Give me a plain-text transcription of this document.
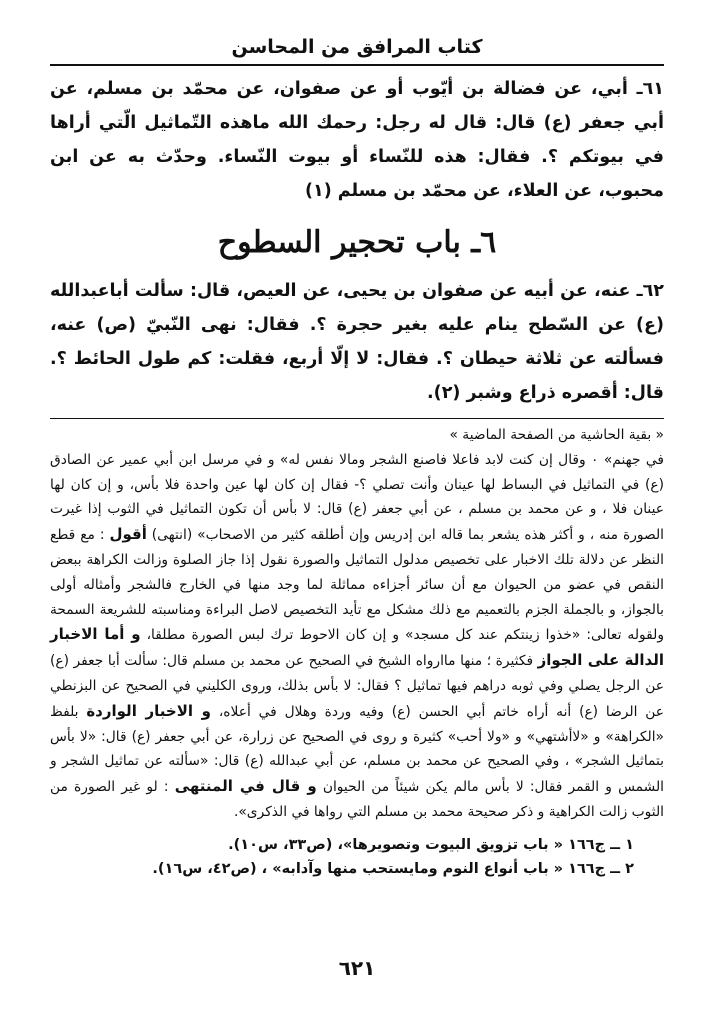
كتاب المرافق من المحاسن

٦١ـ أبي، عن فضالة بن أيّوب أو عن صفوان، عن محمّد بن مسلم، عن أبي جعفر (ع) قال: قال له رجل: رحمك الله ماهذه التّماثيل الّتي أراها في بيوتكم ؟. فقال: هذه للنّساء أو بيوت النّساء. وحدّث به عن ابن محبوب، عن العلاء، عن محمّد بن مسلم (١)

٦ـ باب تحجير السطوح

٦٢ـ عنه، عن أبيه عن صفوان بن يحيى، عن العيص، قال: سألت أباعبدالله (ع) عن السّطح ينام عليه بغير حجرة ؟. فقال: نهى النّبيّ (ص) عنه، فسألته عن ثلاثة حيطان ؟. فقال: لا إلّا أربع، فقلت: كم طول الحائط ؟. قال: أقصره ذراع وشبر (٢).

« بقية الحاشية من الصفحة الماضية »
في جهنم» ٠ وقال إن كنت لابد فاعلا فاصنع الشجر ومالا نفس له» و في مرسل ابن أبي عمير عن الصادق (ع) في التماثيل في البساط لها عينان وأنت تصلي ؟- فقال إن كان لها عين واحدة فلا بأس، و إن كان لها عينان فلا ، و عن محمد بن مسلم ، عن أبي جعفر (ع) قال: لا بأس أن تكون التماثيل في الثوب إذا غيرت الصورة منه ، و أكثر هذه يشعر بما قاله ابن إدريس وإن أطلقه كثير من الاصحاب» (انتهى) أقول : مع قطع النظر عن دلالة تلك الاخبار على تخصيص مدلول التماثيل والصورة نقول إذا جاز الصلوة وزالت الكراهة ببعض النقص في عضو من الحيوان مع أن سائر أجزاءه مماثلة لما وجد منها في الخارج فالشجر وأمثاله أولى بالجواز، و بالجملة الجزم بالتعميم مع ذلك مشكل مع تأيد التخصيص لاصل البراءة ومناسبته للشريعة السمحة ولقوله تعالى: «خذوا زينتكم عند كل مسجد» و إن كان الاحوط ترك لبس الصورة مطلقا، و أما الاخبار الدالة على الجواز فكثيرة ؛ منها ماارواه الشيخ في الصحيح عن محمد بن مسلم قال: سألت أبا جعفر (ع) عن الرجل يصلي وفي ثوبه دراهم فيها تماثيل ؟ فقال: لا بأس بذلك، وروى الكليني في الصحيح عن البزنطي عن الرضا (ع) أنه أراه خاتم أبي الحسن (ع) وفيه وردة وهلال في أعلاه، و الاخبار الواردة بلفظ «الكراهة» و «لاأشتهي» و «ولا أحب» كثيرة و روى في الصحيح عن زرارة، عن أبي جعفر (ع) قال: «لا بأس بتماثيل الشجر» ، وفي الصحيح عن محمد بن مسلم، عن أبي عبدالله (ع) قال: «سألته عن تماثيل الشجر و الشمس و القمر فقال: لا بأس مالم يكن شيئاً من الحيوان و قال في المنتهى : لو غير الصورة من الثوب زالت الكراهية و ذكر صحيحة محمد بن مسلم التي رواها في الذكرى».
١ ــ ج١٦٦ « باب تزويق البيوت وتصويرها»، (ص٣٣، س١٠).
٢ ــ ج١٦٦ « باب أنواع النوم ومايستحب منها وآدابه» ، (ص٤٢، س١٦).
٦٢١
